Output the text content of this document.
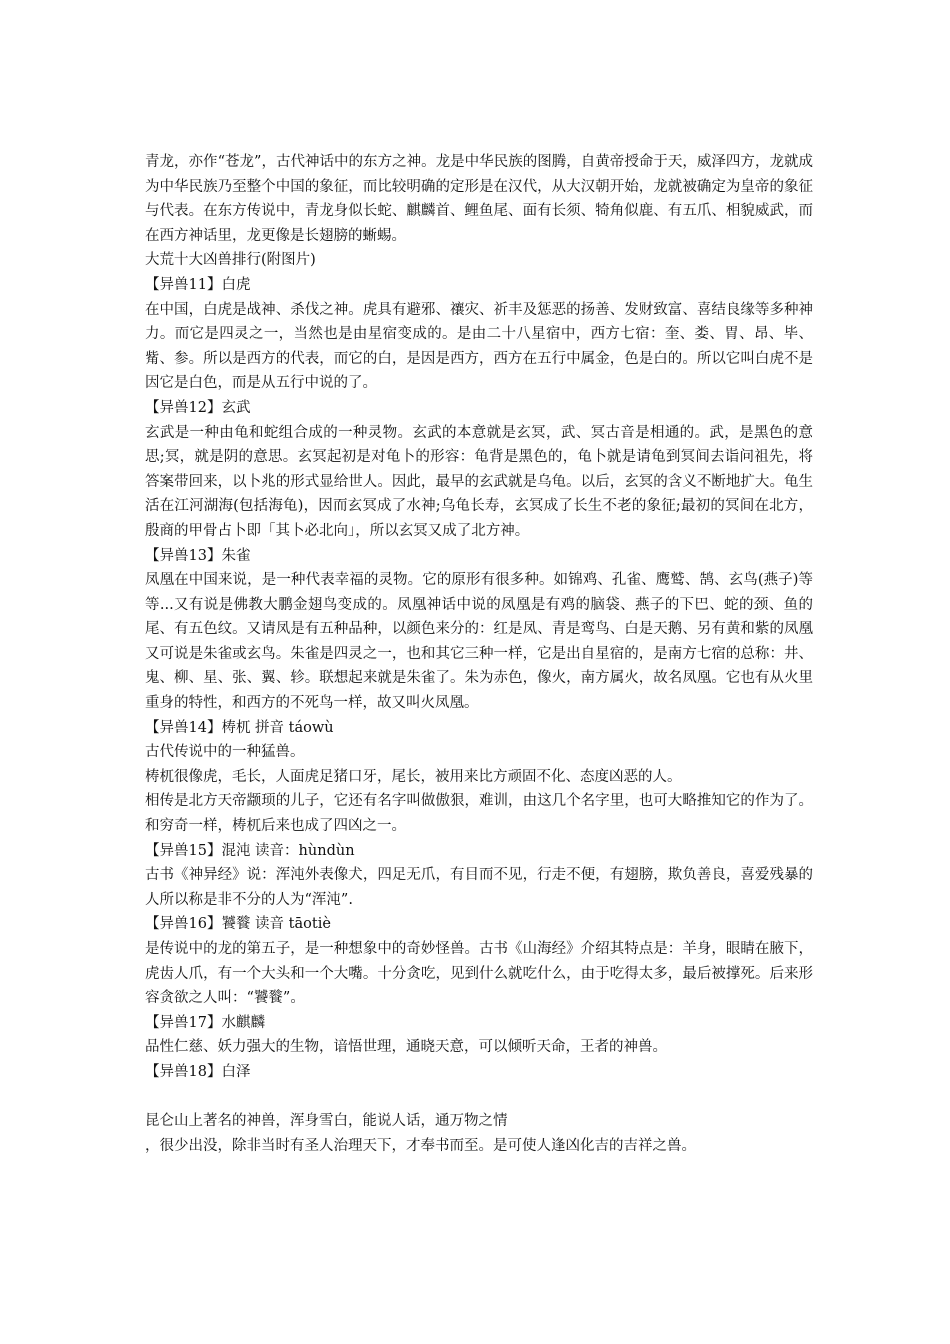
青龙，亦作“苍龙”，古代神话中的东方之神。龙是中华民族的图腾，自黄帝授命于天，威泽四方，龙就成为中华民族乃至整个中国的象征，而比较明确的定形是在汉代，从大汉朝开始，龙就被确定为皇帝的象征与代表。在东方传说中，青龙身似长蛇、麒麟首、鲤鱼尾、面有长须、犄角似鹿、有五爪、相貌威武，而在西方神话里，龙更像是长翅膀的蜥蜴。

大荒十大凶兽排行(附图片)

【异兽11】白虎

在中国，白虎是战神、杀伐之神。虎具有避邪、禳灾、祈丰及惩恶的扬善、发财致富、喜结良缘等多种神力。而它是四灵之一，当然也是由星宿变成的。是由二十八星宿中，西方七宿：奎、娄、胃、昂、毕、觜、参。所以是西方的代表，而它的白，是因是西方，西方在五行中属金，色是白的。所以它叫白虎不是因它是白色，而是从五行中说的了。

【异兽12】玄武

玄武是一种由龟和蛇组合成的一种灵物。玄武的本意就是玄冥，武、冥古音是相通的。武，是黑色的意思;冥，就是阴的意思。玄冥起初是对龟卜的形容：龟背是黑色的，龟卜就是请龟到冥间去诣问祖先，将答案带回来，以卜兆的形式显给世人。因此，最早的玄武就是乌龟。以后，玄冥的含义不断地扩大。龟生活在江河湖海(包括海龟)，因而玄冥成了水神;乌龟长寿，玄冥成了长生不老的象征;最初的冥间在北方，殷商的甲骨占卜即「其卜必北向」，所以玄冥又成了北方神。

【异兽13】朱雀

凤凰在中国来说，是一种代表幸福的灵物。它的原形有很多种。如锦鸡、孔雀、鹰鹫、鹄、玄鸟(燕子)等等...又有说是佛教大鹏金翅鸟变成的。凤凰神话中说的凤凰是有鸡的脑袋、燕子的下巴、蛇的颈、鱼的尾、有五色纹。又请凤是有五种品种，以颜色来分的：红是凤、青是鸾鸟、白是天鹅、另有黄和紫的凤凰又可说是朱雀或玄鸟。朱雀是四灵之一，也和其它三种一样，它是出自星宿的，是南方七宿的总称：井、鬼、柳、星、张、翼、轸。联想起来就是朱雀了。朱为赤色，像火，南方属火，故名凤凰。它也有从火里重身的特性，和西方的不死鸟一样，故又叫火凤凰。

【异兽14】梼杌 拼音 táowù

古代传说中的一种猛兽。

梼杌很像虎，毛长，人面虎足猪口牙，尾长，被用来比方顽固不化、态度凶恶的人。

相传是北方天帝颛顼的儿子，它还有名字叫做傲狠，难训，由这几个名字里，也可大略推知它的作为了。和穷奇一样，梼杌后来也成了四凶之一。

【异兽15】混沌 读音：hùndùn

古书《神异经》说：浑沌外表像犬，四足无爪，有目而不见，行走不便，有翅膀，欺负善良，喜爱残暴的人所以称是非不分的人为“浑沌”.

【异兽16】饕餮 读音 tāotiè

是传说中的龙的第五子，是一种想象中的奇妙怪兽。古书《山海经》介绍其特点是：羊身，眼睛在腋下，虎齿人爪，有一个大头和一个大嘴。十分贪吃，见到什么就吃什么，由于吃得太多，最后被撑死。后来形容贪欲之人叫：“饕餮”。

【异兽17】水麒麟

品性仁慈、妖力强大的生物，谙悟世理，通晓天意，可以倾听天命，王者的神兽。

【异兽18】白泽

昆仑山上著名的神兽，浑身雪白，能说人话，通万物之情

，很少出没，除非当时有圣人治理天下，才奉书而至。是可使人逢凶化吉的吉祥之兽。
